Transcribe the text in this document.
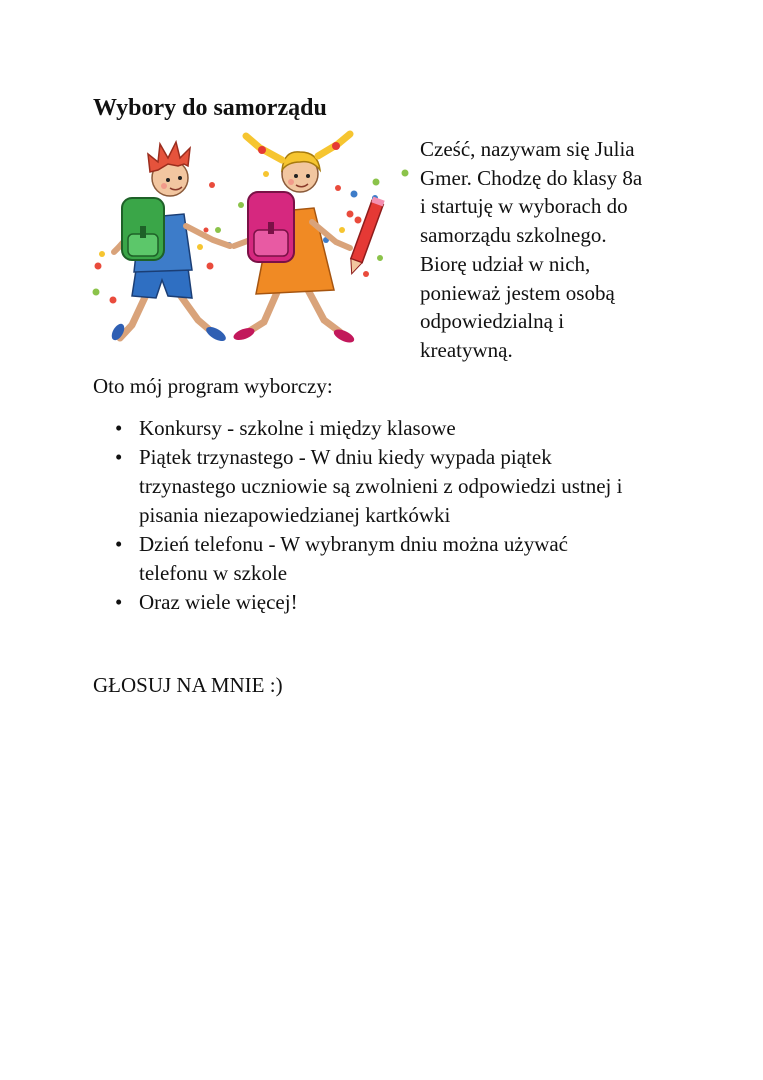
Wybory do samorządu
Cześć, nazywam się Julia
Gmer. Chodzę do klasy 8a
i startuję w wyborach do
samorządu szkolnego.
Biorę udział w nich,
ponieważ jestem osobą
odpowiedzialną i
kreatywną.
Oto mój program wyborczy:
• Konkursy - szkolne i między klasowe
• Piątek trzynastego - W dniu kiedy wypada piątek
trzynastego uczniowie są zwolnieni z odpowiedzi ustnej i
pisania niezapowiedzianej kartkówki
• Dzień telefonu - W wybranym dniu można używać
telefonu w szkole
• Oraz wiele więcej!
GŁOSUJ NA MNIE :)
